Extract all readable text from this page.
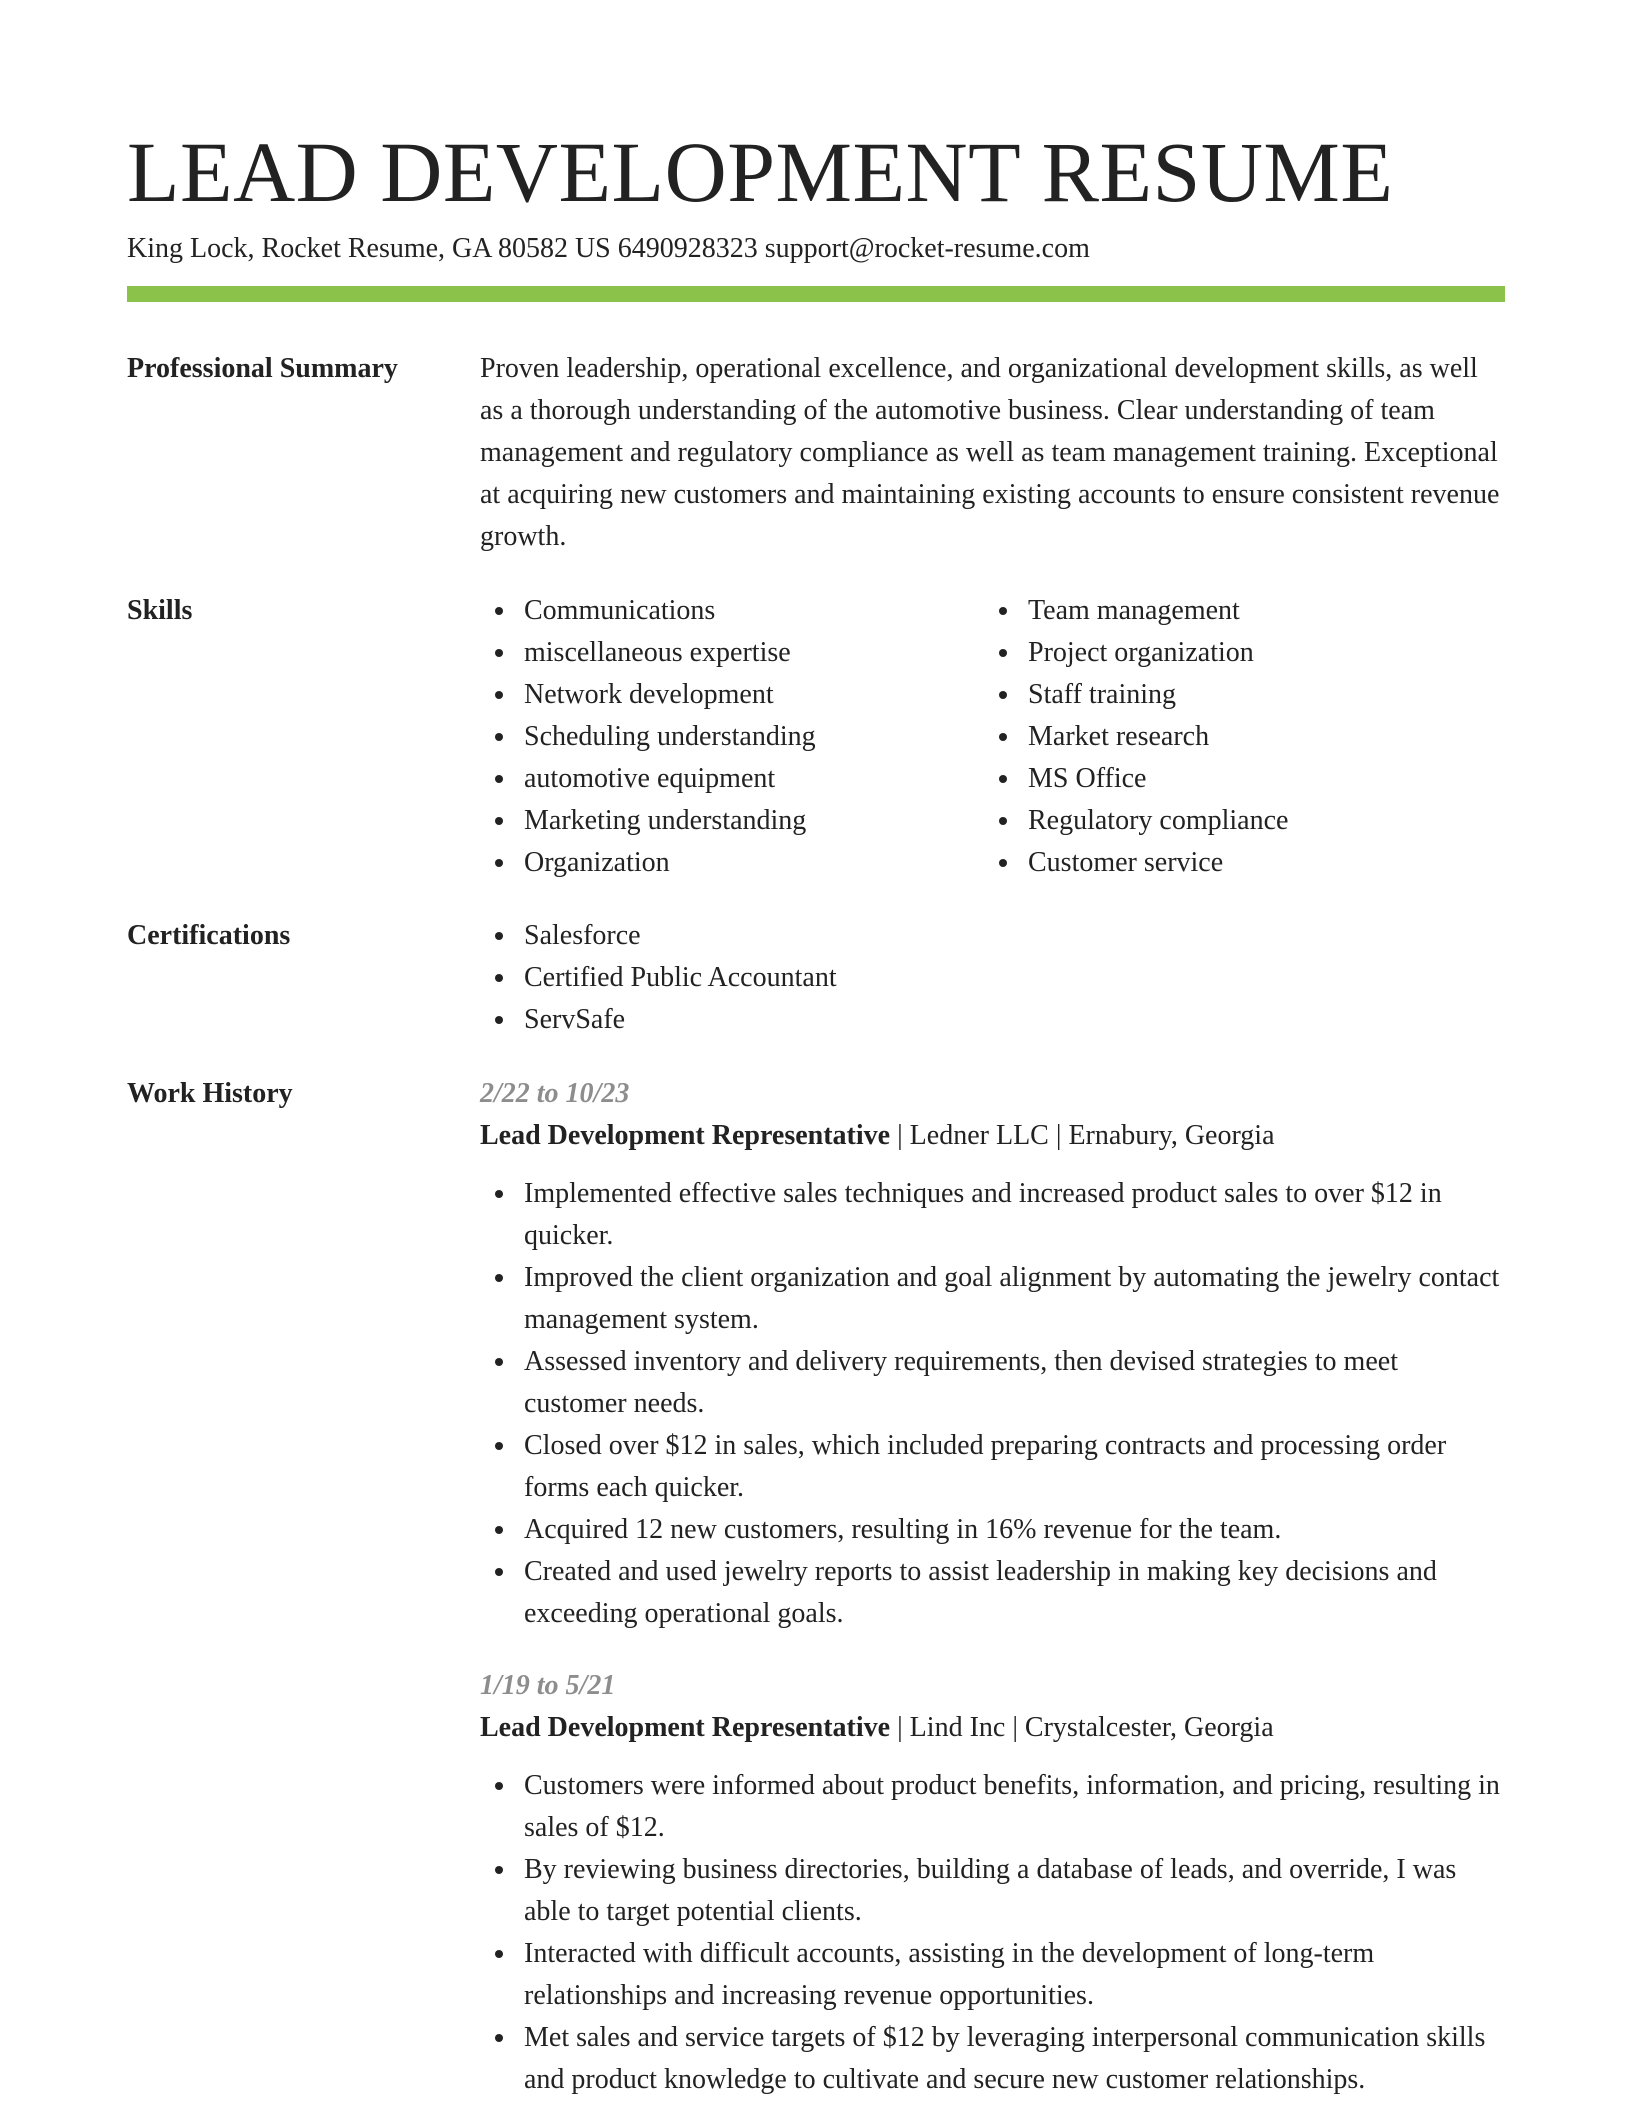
LEAD DEVELOPMENT RESUME
King Lock, Rocket Resume, GA 80582 US 6490928323 support@rocket-resume.com
Professional Summary	Proven leadership, operational excellence, and organizational development skills, as well as a thorough understanding of the automotive business. Clear understanding of team management and regulatory compliance as well as team management training. Exceptional at acquiring new customers and maintaining existing accounts to ensure consistent revenue growth.

Skills	Communications
miscellaneous expertise
Network development
Scheduling understanding
automotive equipment
Marketing understanding
Organization
Team management
Project organization
Staff training
Market research
MS Office
Regulatory compliance
Customer service
Certifications	Salesforce
Certified Public Accountant
ServSafe
Work History	2/22 to 10/23
Lead Development Representative | Ledner LLC | Ernabury, Georgia
Implemented effective sales techniques and increased product sales to over $12 in quicker.
Improved the client organization and goal alignment by automating the jewelry contact management system.
Assessed inventory and delivery requirements, then devised strategies to meet customer needs.
Closed over $12 in sales, which included preparing contracts and processing order forms each quicker.
Acquired 12 new customers, resulting in 16% revenue for the team.
Created and used jewelry reports to assist leadership in making key decisions and exceeding operational goals.
1/19 to 5/21
Lead Development Representative | Lind Inc | Crystalcester, Georgia
Customers were informed about product benefits, information, and pricing, resulting in sales of $12.
By reviewing business directories, building a database of leads, and override, I was able to target potential clients.
Interacted with difficult accounts, assisting in the development of long-term relationships and increasing revenue opportunities.
Met sales and service targets of $12 by leveraging interpersonal communication skills and product knowledge to cultivate and secure new customer relationships.
